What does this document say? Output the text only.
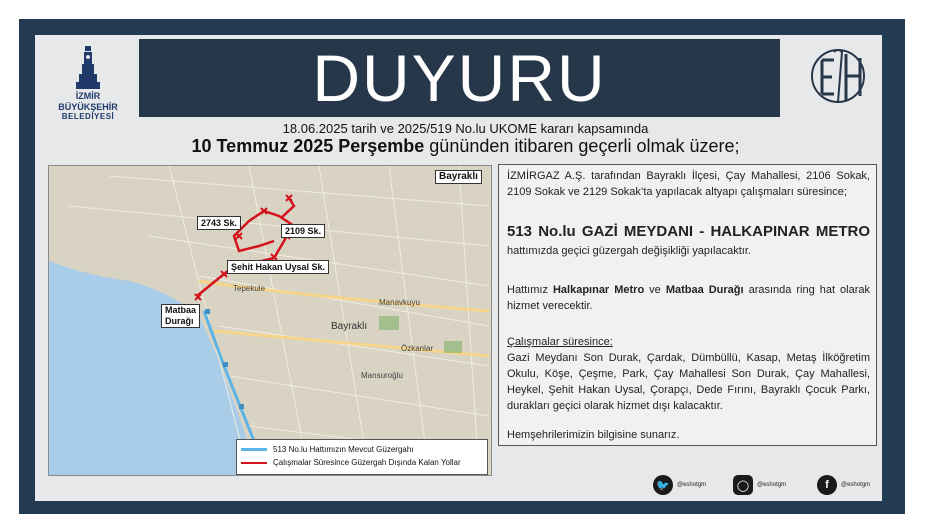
İZMİR
BÜYÜKŞEHİR
BELEDİYESİ
DUYURU
18.06.2025 tarih ve 2025/519 No.lu UKOME kararı kapsamında
10 Temmuz 2025 Perşembe gününden itibaren geçerli olmak üzere;
Bayraklı
2743 Sk.
2109 Sk.
Şehit Hakan Uysal Sk.
Matbaa
Durağı
Tepekule
Bayraklı
Manavkuyu
Özkanlar
Mansuroğlu
513 No.lu Hattımızın Mevcut Güzergahı
Çalışmalar Süresince Güzergah Dışında Kalan Yollar

İZMİRGAZ A.Ş. tarafından Bayraklı İlçesi, Çay Mahallesi, 2106 Sokak, 2109 Sokak ve 2129 Sokak’ta yapılacak altyapı çalışmaları süresince;

513 No.lu GAZİ MEYDANI - HALKAPINAR METRO hattımızda geçici güzergah değişikliği yapılacaktır.

Hattımız Halkapınar Metro ve Matbaa Durağı arasında ring hat olarak hizmet verecektir.

Çalışmalar süresince:
Gazi Meydanı Son Durak, Çardak, Dümbüllü, Kasap, Metaş İlköğretim Okulu, Köşe, Çeşme, Park, Çay Mahallesi Son Durak, Çay Mahallesi, Heykel, Şehit Hakan Uysal, Çorapçı, Dede Fırını, Bayraklı Çocuk Parkı, durakları geçici olarak hizmet dışı kalacaktır.

Hemşehrilerimizin bilgisine sunarız.

🐦	@eshotgm	◯	@eshotgm	f	@eshotgm
